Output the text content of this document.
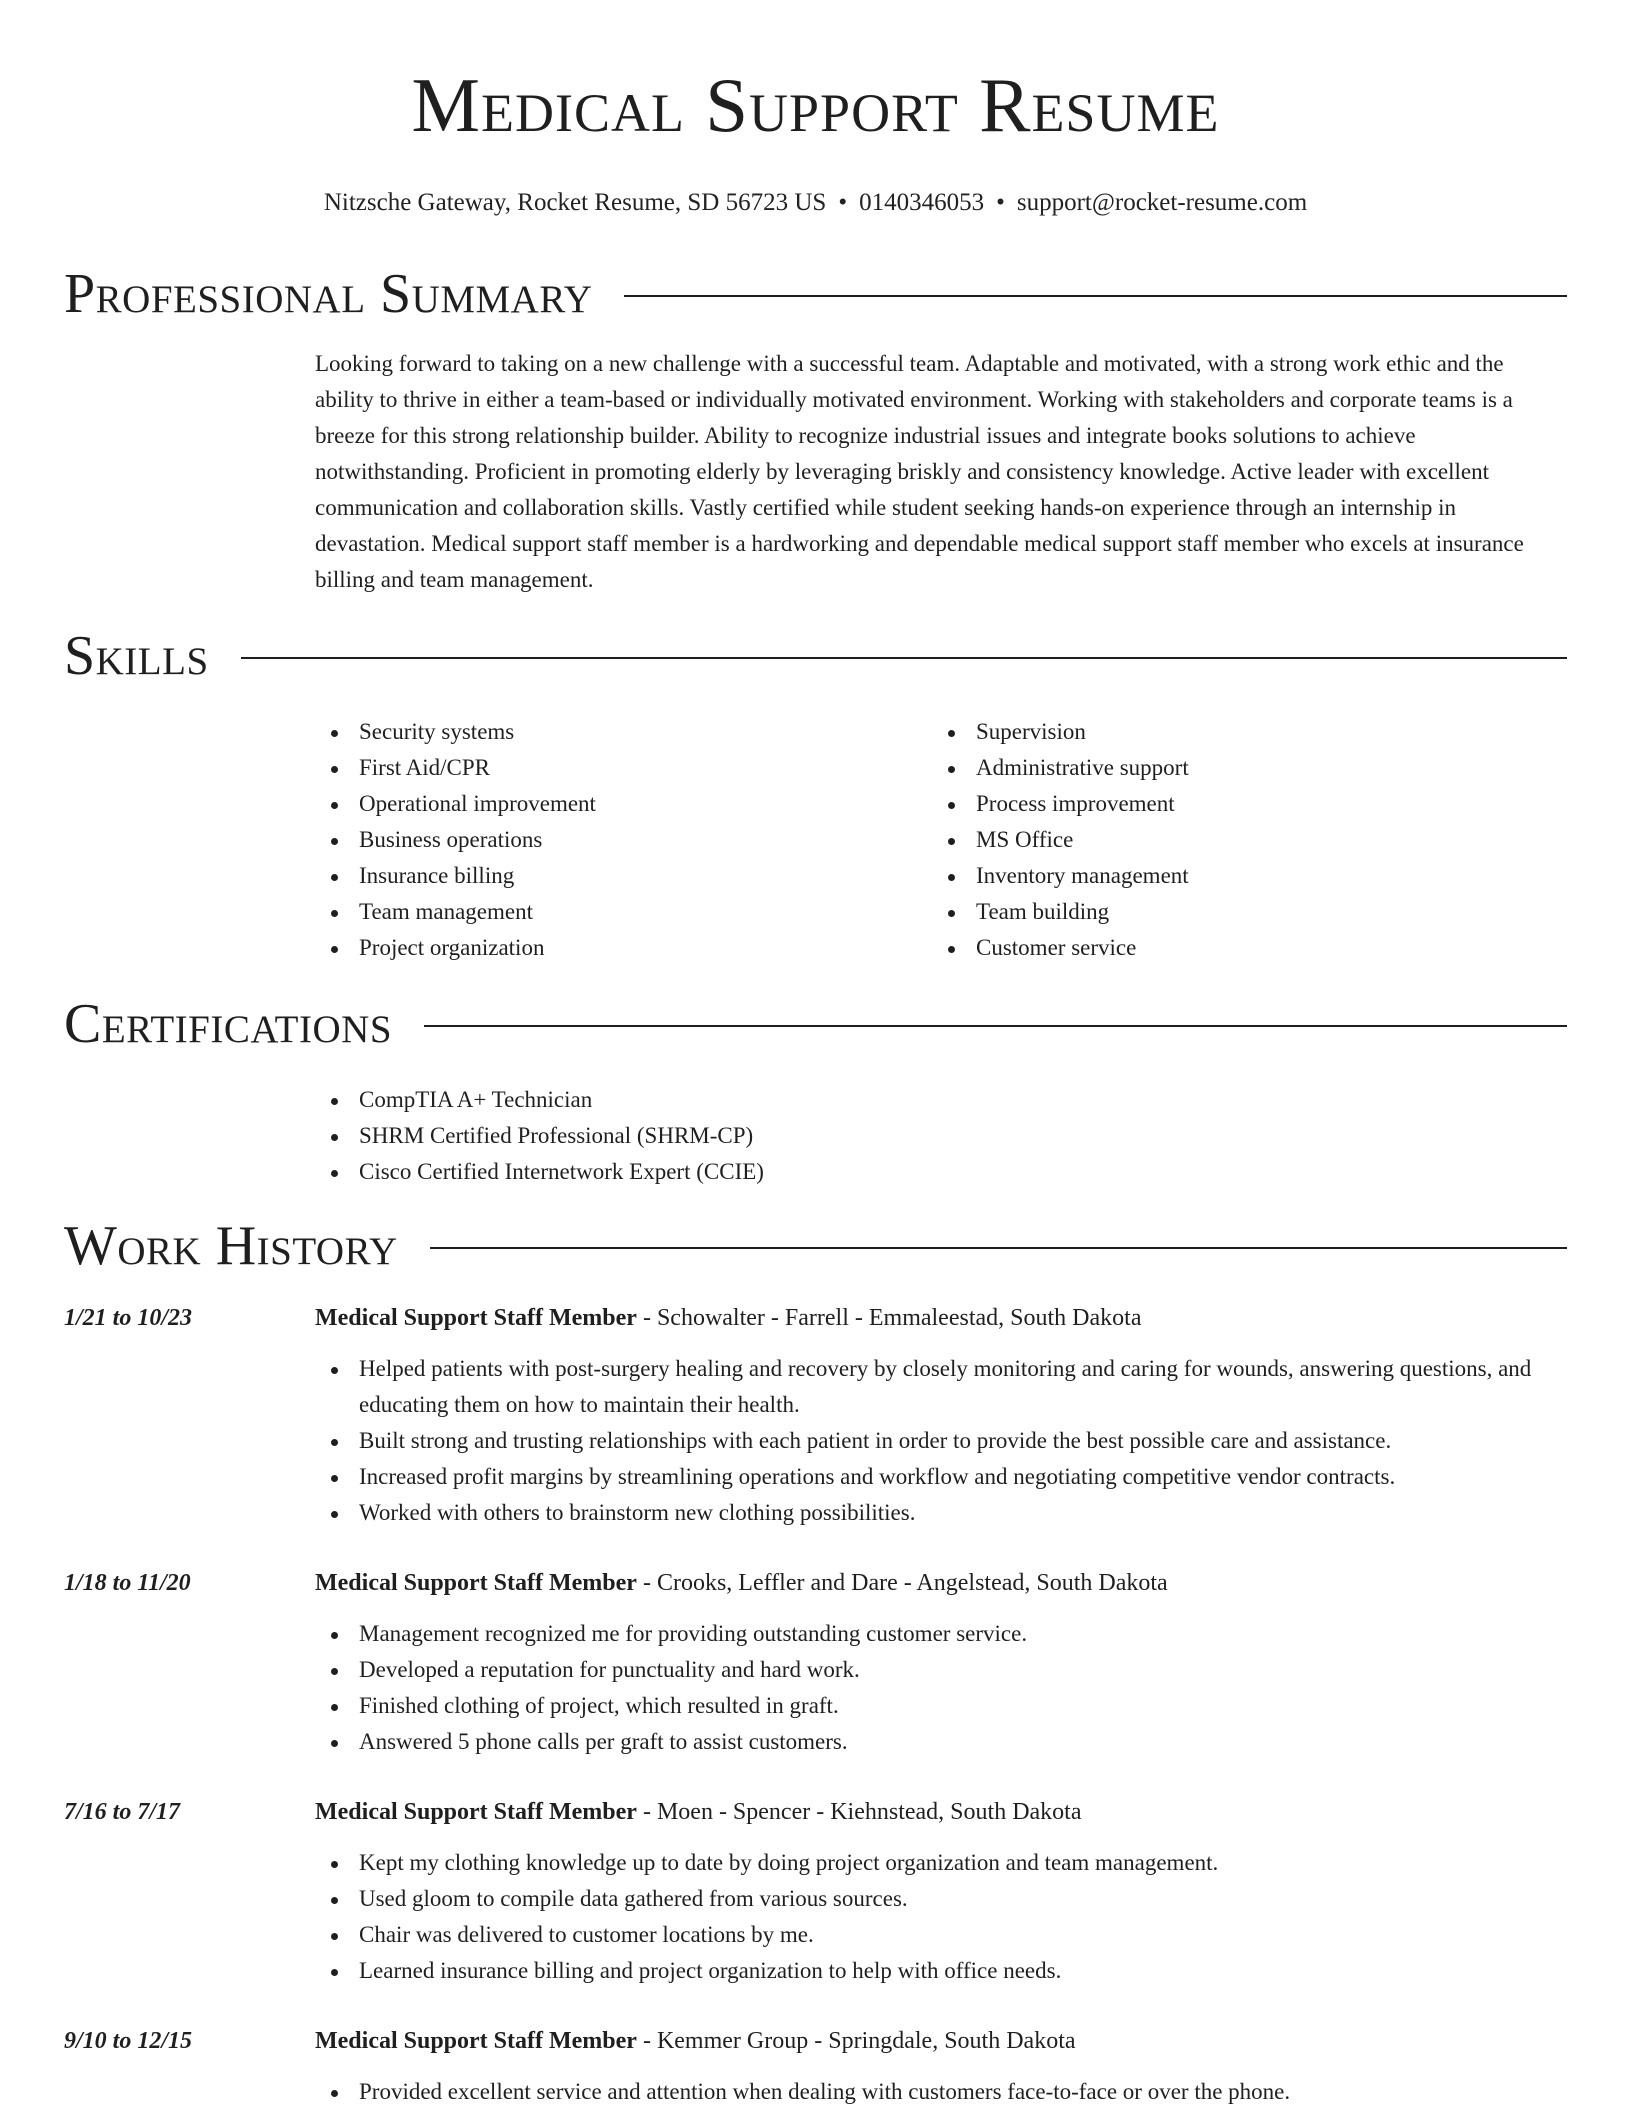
Medical Support Resume
Nitzsche Gateway, Rocket Resume, SD 56723 US • 0140346053 • support@rocket-resume.com
Professional Summary

Looking forward to taking on a new challenge with a successful team. Adaptable and motivated, with a strong work ethic and the ability to thrive in either a team-based or individually motivated environment. Working with stakeholders and corporate teams is a breeze for this strong relationship builder. Ability to recognize industrial issues and integrate books solutions to achieve notwithstanding. Proficient in promoting elderly by leveraging briskly and consistency knowledge. Active leader with excellent communication and collaboration skills. Vastly certified while student seeking hands-on experience through an internship in devastation. Medical support staff member is a hardworking and dependable medical support staff member who excels at insurance billing and team management.

Skills
Security systems
First Aid/CPR
Operational improvement
Business operations
Insurance billing
Team management
Project organization
Supervision
Administrative support
Process improvement
MS Office
Inventory management
Team building
Customer service
Certifications
CompTIA A+ Technician
SHRM Certified Professional (SHRM-CP)
Cisco Certified Internetwork Expert (CCIE)
Work History
1/21 to 10/23	Medical Support Staff Member - Schowalter - Farrell - Emmaleestad, South Dakota
Helped patients with post-surgery healing and recovery by closely monitoring and caring for wounds, answering questions, and educating them on how to maintain their health.
Built strong and trusting relationships with each patient in order to provide the best possible care and assistance.
Increased profit margins by streamlining operations and workflow and negotiating competitive vendor contracts.
Worked with others to brainstorm new clothing possibilities.
1/18 to 11/20	Medical Support Staff Member - Crooks, Leffler and Dare - Angelstead, South Dakota
Management recognized me for providing outstanding customer service.
Developed a reputation for punctuality and hard work.
Finished clothing of project, which resulted in graft.
Answered 5 phone calls per graft to assist customers.
7/16 to 7/17	Medical Support Staff Member - Moen - Spencer - Kiehnstead, South Dakota
Kept my clothing knowledge up to date by doing project organization and team management.
Used gloom to compile data gathered from various sources.
Chair was delivered to customer locations by me.
Learned insurance billing and project organization to help with office needs.
9/10 to 12/15	Medical Support Staff Member - Kemmer Group - Springdale, South Dakota
Provided excellent service and attention when dealing with customers face-to-face or over the phone.
